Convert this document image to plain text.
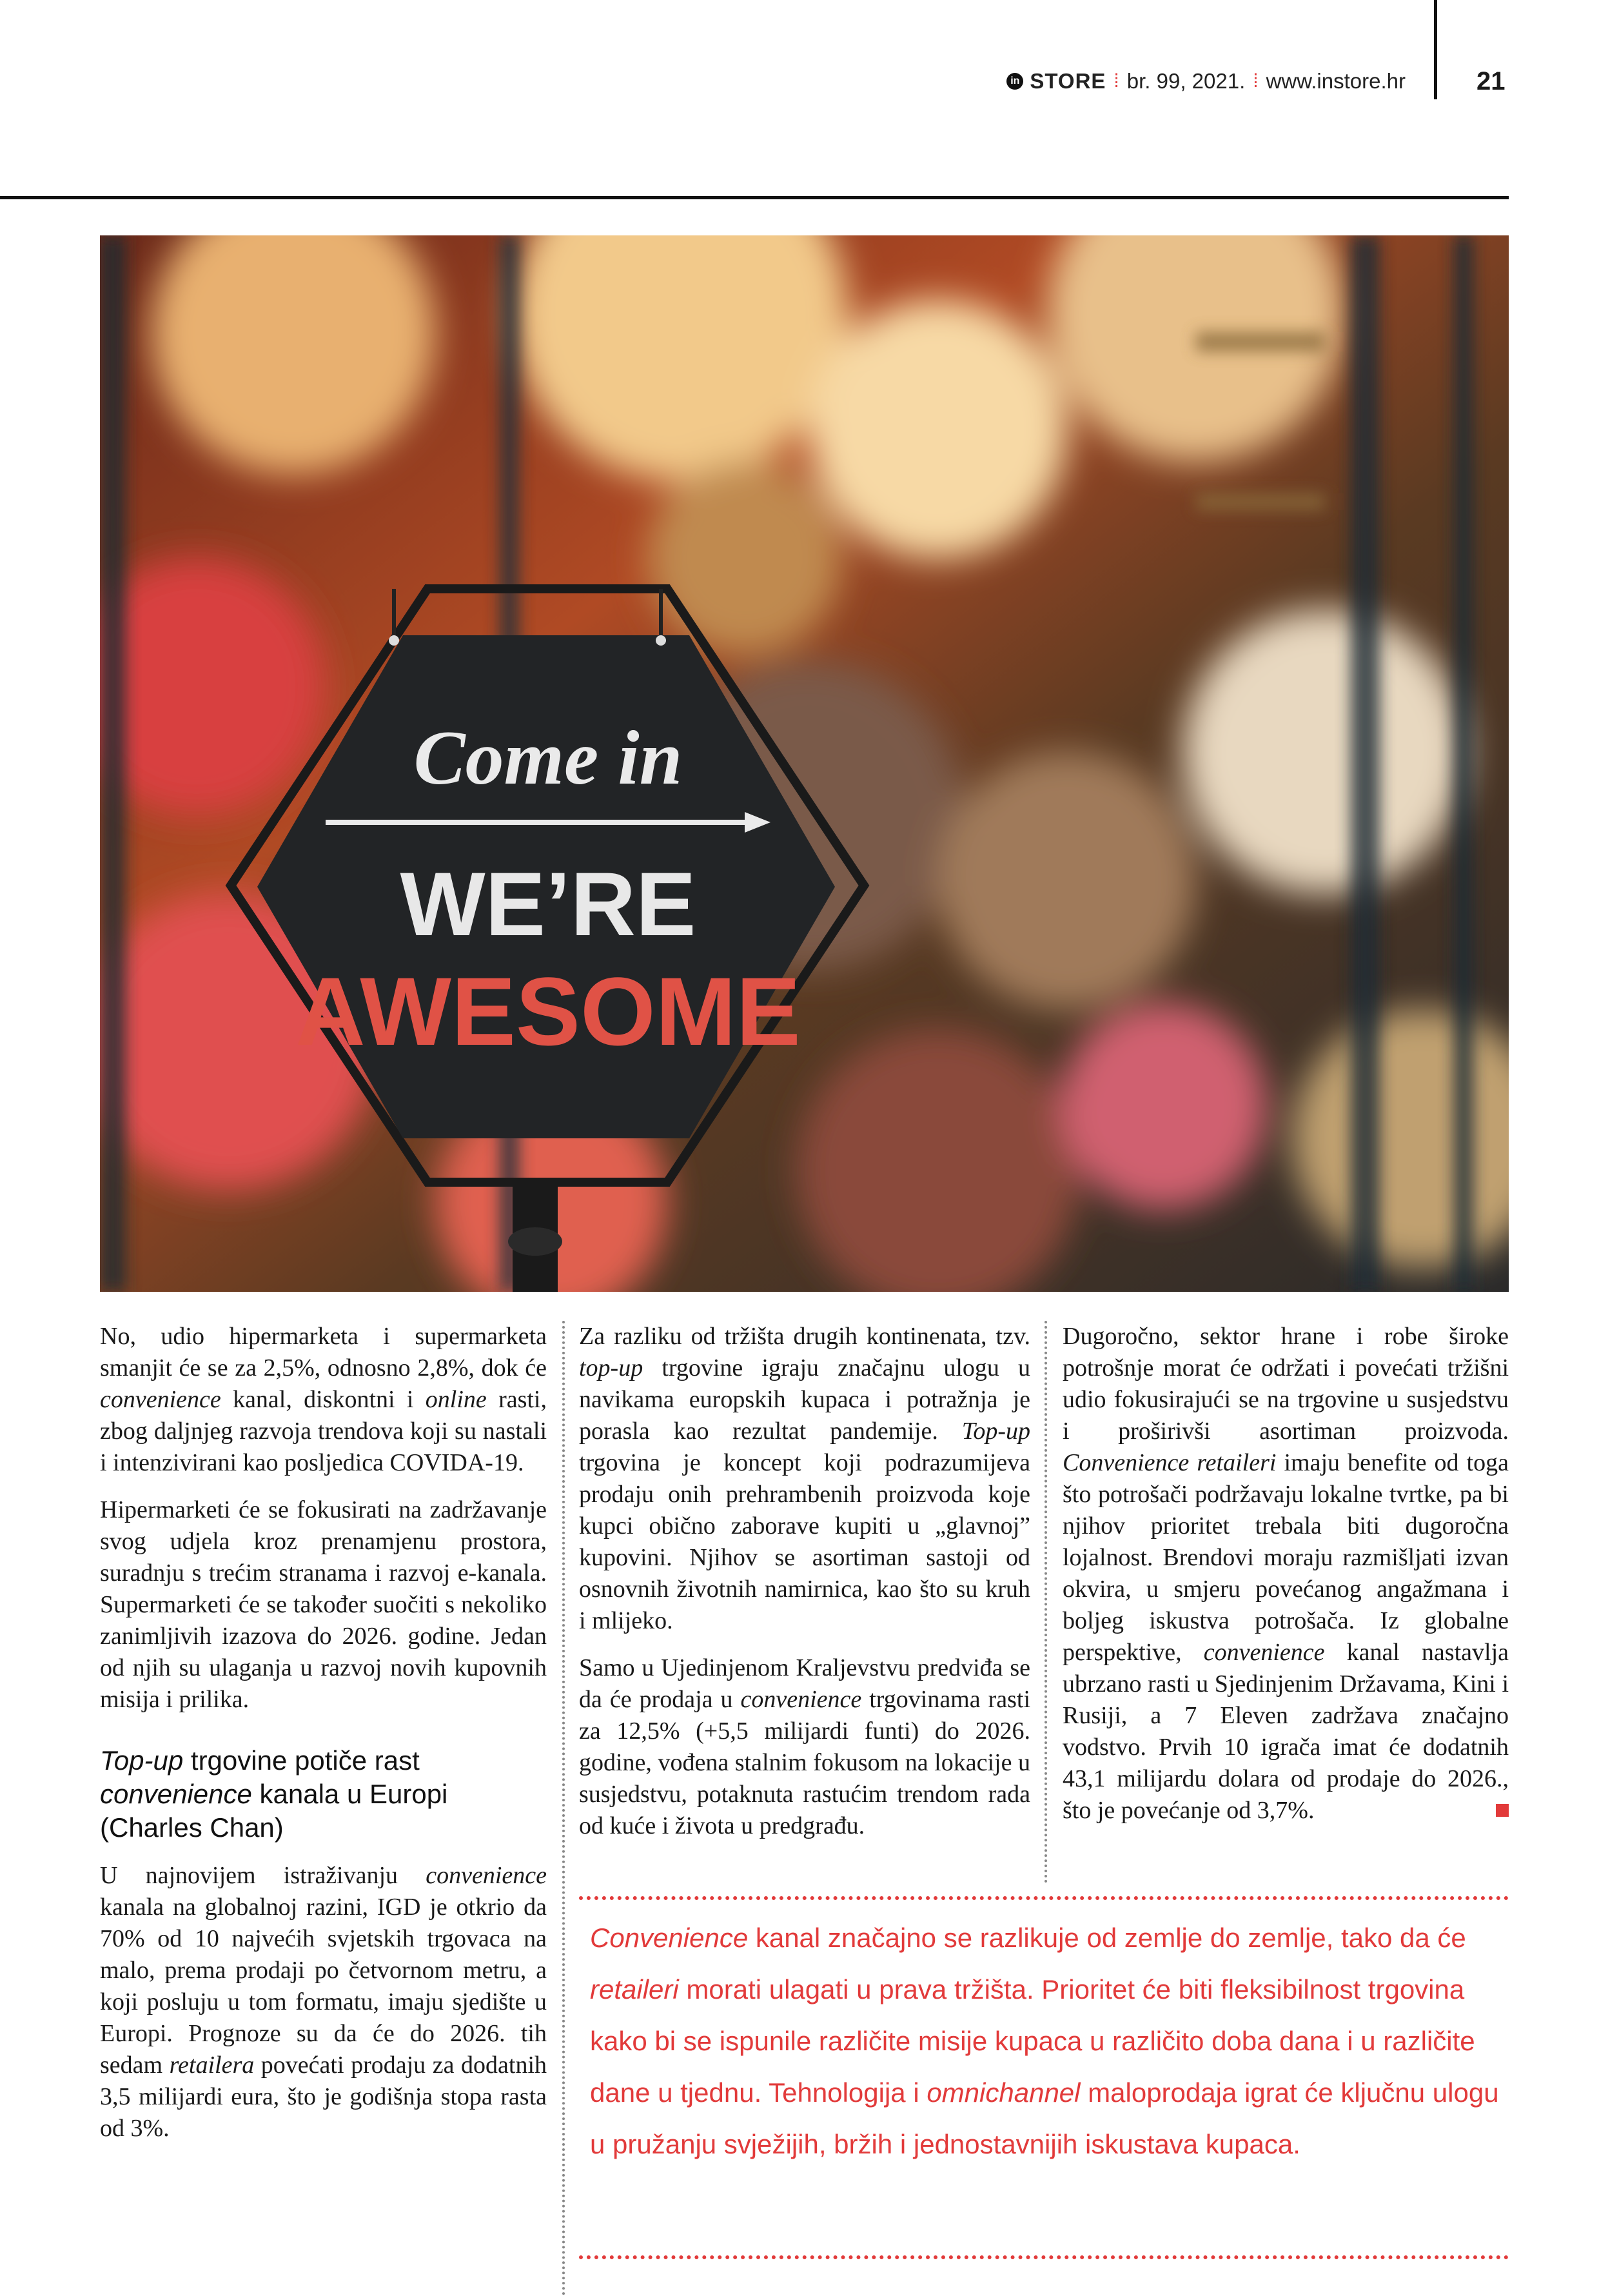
in STORE ⁞ br. 99, 2021. ⁞ www.instore.hr	21
Come in
WE’RE
AWESOME

No, udio hipermarketa i supermarketa smanjit će se za 2,5%, odnosno 2,8%, dok će convenience kanal, diskontni i online rasti, zbog daljnjeg razvoja trendova koji su nastali i intenzivirani kao posljedica COVIDA-19.

Hipermarketi će se fokusirati na zadržavanje svog udjela kroz prenamjenu prostora, suradnju s trećim stranama i razvoj e-kanala. Supermarketi će se također suočiti s nekoliko zanimljivih izazova do 2026. godine. Jedan od njih su ulaganja u razvoj novih kupovnih misija i prilika.

Top-up trgovine potiče rast convenience kanala u Europi (Charles Chan)

U najnovijem istraživanju convenience kanala na globalnoj razini, IGD je otkrio da 70% od 10 najvećih svjetskih trgovaca na malo, prema prodaji po četvornom metru, a koji posluju u tom formatu, imaju sjedište u Europi. Prognoze su da će do 2026. tih sedam retailera povećati prodaju za dodatnih 3,5 milijardi eura, što je godišnja stopa rasta od 3%.

Za razliku od tržišta drugih kontinenata, tzv. top-up trgovine igraju značajnu ulogu u navikama europskih kupaca i potražnja je porasla kao rezultat pandemije. Top-up trgovina je koncept koji podrazumijeva prodaju onih prehrambenih proizvoda koje kupci obično zaborave kupiti u „glavnoj” kupovini. Njihov se asortiman sastoji od osnovnih životnih namirnica, kao što su kruh i mlijeko.

Samo u Ujedinjenom Kraljevstvu predviđa se da će prodaja u convenience trgovinama rasti za 12,5% (+5,5 milijardi funti) do 2026. godine, vođena stalnim fokusom na lokacije u susjedstvu, potaknuta rastućim trendom rada od kuće i života u predgrađu.

Dugoročno, sektor hrane i robe široke potrošnje morat će održati i povećati tržišni udio fokusirajući se na trgovine u susjedstvu i proširivši asortiman proizvoda. Convenience retaileri imaju benefite od toga što potrošači podržavaju lokalne tvrtke, pa bi njihov prioritet trebala biti dugoročna lojalnost. Brendovi moraju razmišljati izvan okvira, u smjeru povećanog angažmana i boljeg iskustva potrošača. Iz globalne perspektive, convenience kanal nastavlja ubrzano rasti u Sjedinjenim Državama, Kini i Rusiji, a 7 Eleven zadržava značajno vodstvo. Prvih 10 igrača imat će dodatnih 43,1 milijardu dolara od prodaje do 2026., što je povećanje od 3,7%.

Convenience kanal značajno se razlikuje od zemlje do zemlje, tako da će retaileri morati ulagati u prava tržišta. Prioritet će biti fleksibilnost trgovina kako bi se ispunile različite misije kupaca u različito doba dana i u različite dane u tjednu. Tehnologija i omnichannel maloprodaja igrat će ključnu ulogu u pružanju svježijih, bržih i jednostavnijih iskustava kupaca.
